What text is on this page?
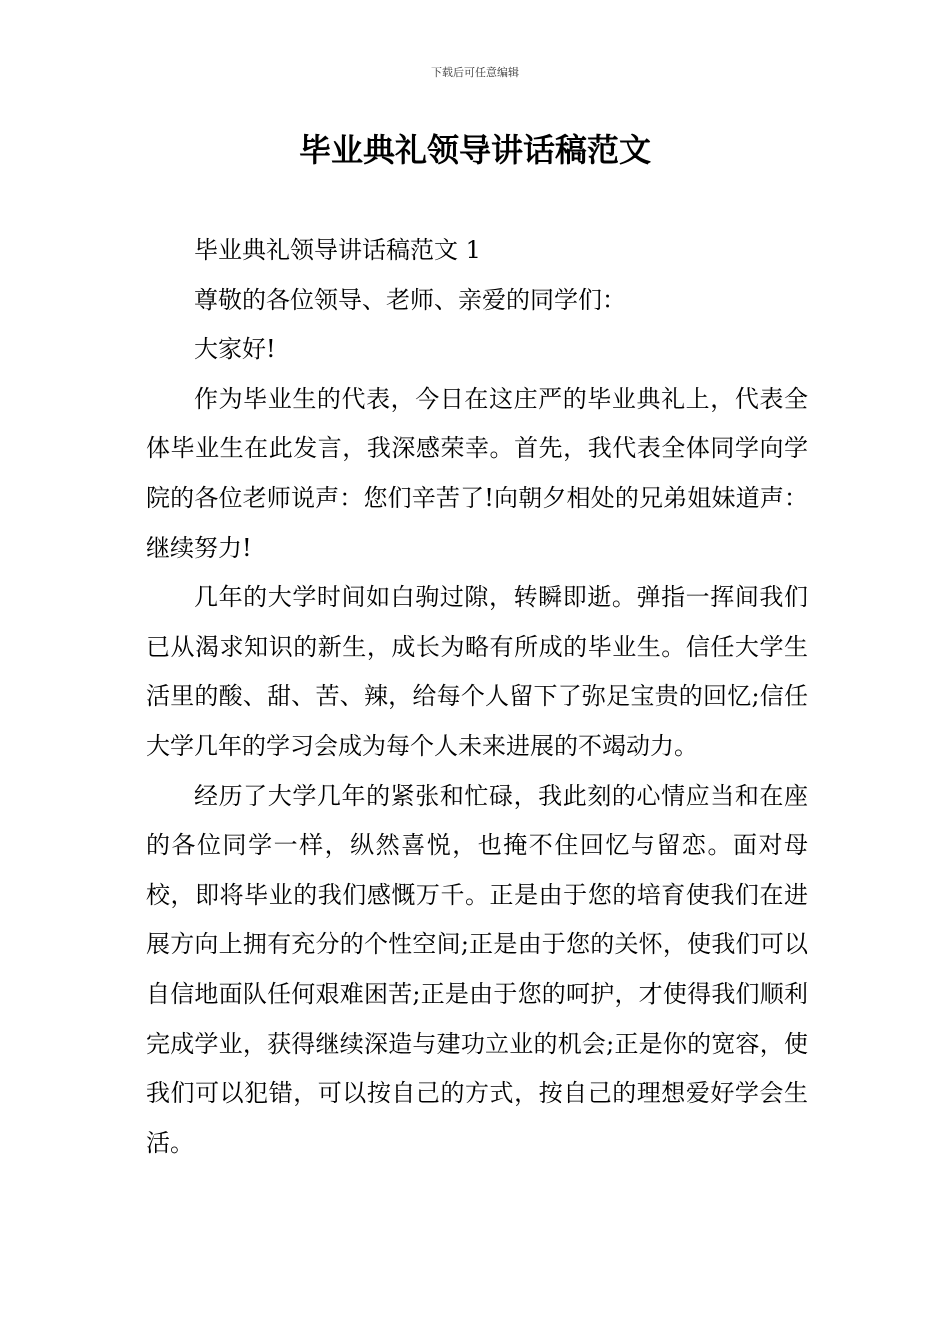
下载后可任意编辑
毕业典礼领导讲话稿范文

毕业典礼领导讲话稿范文 1

尊敬的各位领导、老师、亲爱的同学们：

大家好!

作为毕业生的代表，今日在这庄严的毕业典礼上，代表全体毕业生在此发言，我深感荣幸。首先，我代表全体同学向学院的各位老师说声：您们辛苦了!向朝夕相处的兄弟姐妹道声：继续努力!

几年的大学时间如白驹过隙，转瞬即逝。弹指一挥间我们已从渴求知识的新生，成长为略有所成的毕业生。信任大学生活里的酸、甜、苦、辣，给每个人留下了弥足宝贵的回忆;信任大学几年的学习会成为每个人未来进展的不竭动力。

经历了大学几年的紧张和忙碌，我此刻的心情应当和在座的各位同学一样，纵然喜悦，也掩不住回忆与留恋。面对母校，即将毕业的我们感慨万千。正是由于您的培育使我们在进展方向上拥有充分的个性空间;正是由于您的关怀，使我们可以自信地面队任何艰难困苦;正是由于您的呵护，才使得我们顺利完成学业，获得继续深造与建功立业的机会;正是你的宽容，使我们可以犯错，可以按自己的方式，按自己的理想爱好学会生活。
